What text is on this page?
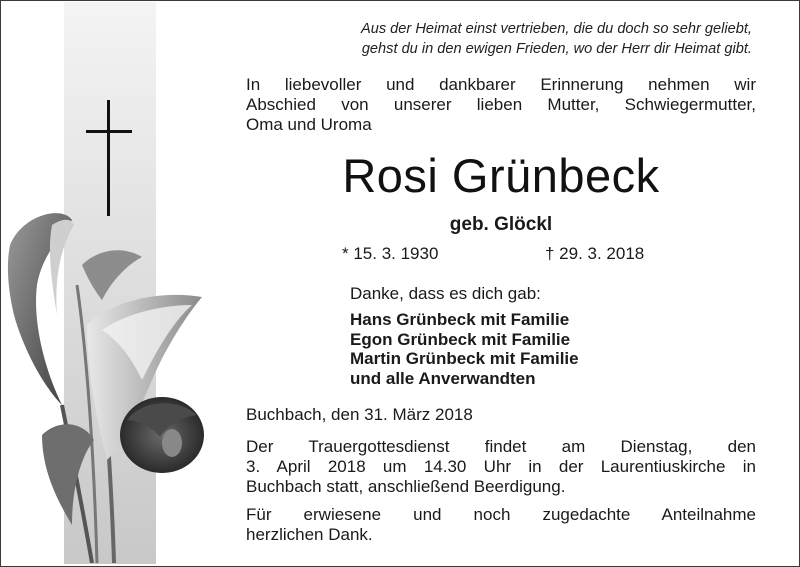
Aus der Heimat einst vertrieben, die du doch so sehr geliebt,
gehst du in den ewigen Frieden, wo der Herr dir Heimat gibt.
In liebevoller und dankbarer Erinnerung nehmen wir
Abschied von unserer lieben Mutter, Schwiegermutter,
Oma und Uroma
Rosi Grünbeck
geb. Glöckl
* 15. 3. 1930	† 29. 3. 2018
Danke, dass es dich gab:
Hans Grünbeck mit Familie
Egon Grünbeck mit Familie
Martin Grünbeck mit Familie
und alle Anverwandten
Buchbach, den 31. März 2018
Der Trauergottesdienst findet am Dienstag, den
3. April 2018 um 14.30 Uhr in der Laurentiuskirche in
Buchbach statt, anschließend Beerdigung.
Für erwiesene und noch zugedachte Anteilnahme
herzlichen Dank.
